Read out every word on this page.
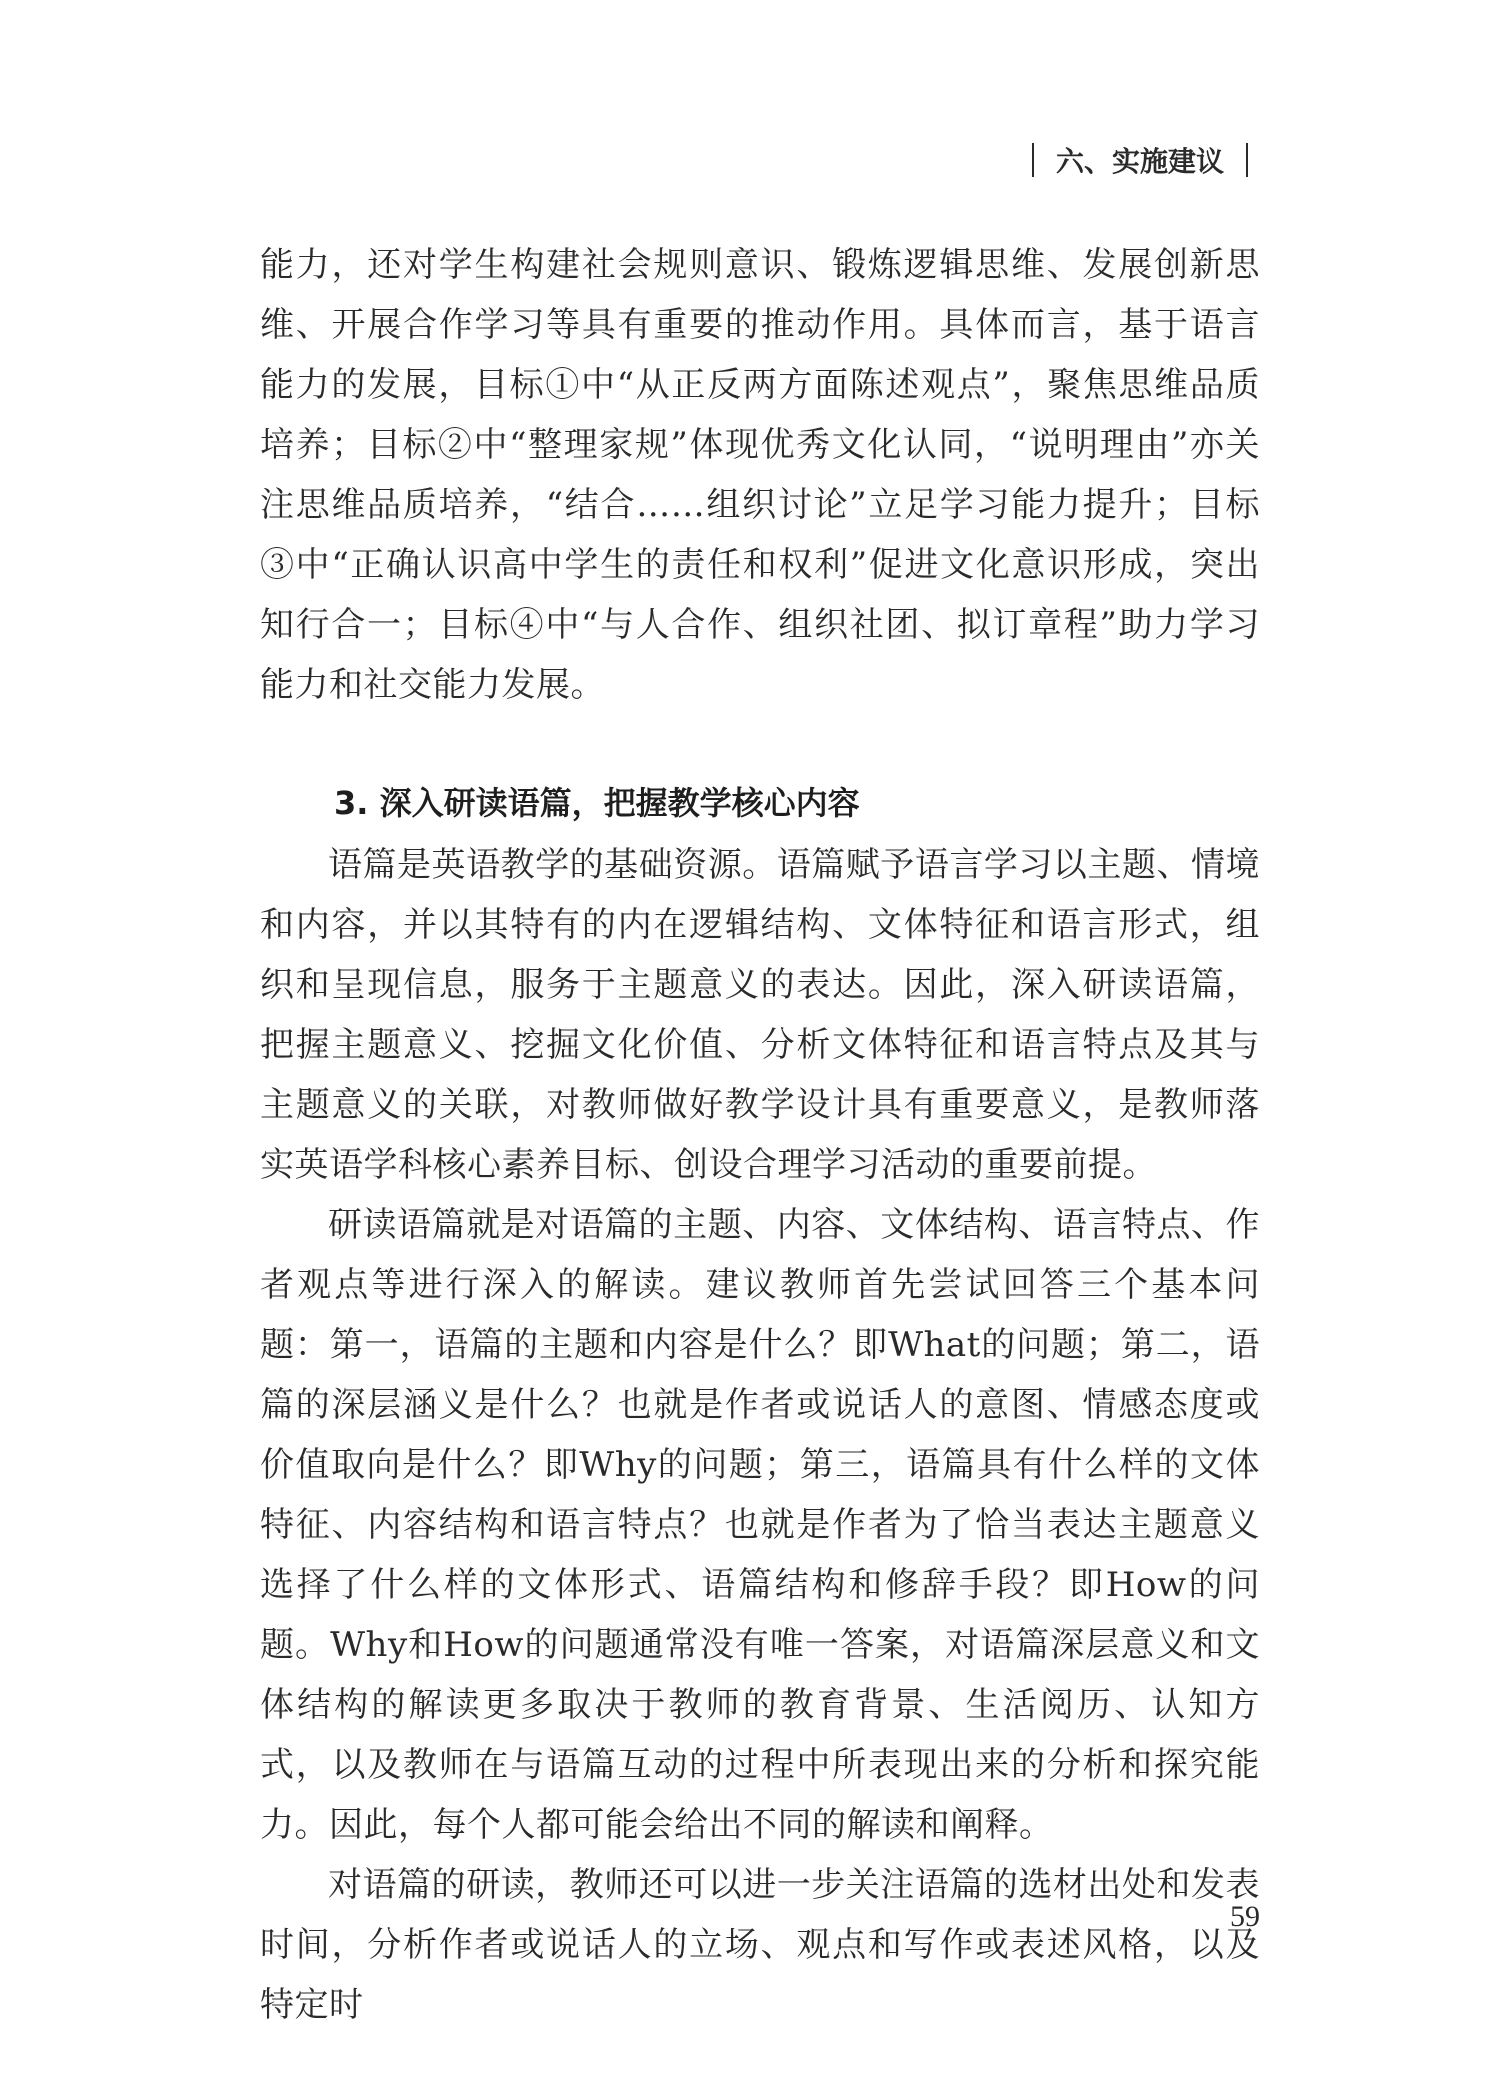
六、实施建议

能力，还对学生构建社会规则意识、锻炼逻辑思维、发展创新思维、开展合作学习等具有重要的推动作用。具体而言，基于语言能力的发展，目标①中“从正反两方面陈述观点”，聚焦思维品质培养；目标②中“整理家规”体现优秀文化认同，“说明理由”亦关注思维品质培养，“结合……组织讨论”立足学习能力提升；目标③中“正确认识高中学生的责任和权利”促进文化意识形成，突出知行合一；目标④中“与人合作、组织社团、拟订章程”助力学习能力和社交能力发展。

3. 深入研读语篇，把握教学核心内容

语篇是英语教学的基础资源。语篇赋予语言学习以主题、情境和内容，并以其特有的内在逻辑结构、文体特征和语言形式，组织和呈现信息，服务于主题意义的表达。因此，深入研读语篇，把握主题意义、挖掘文化价值、分析文体特征和语言特点及其与主题意义的关联，对教师做好教学设计具有重要意义，是教师落实英语学科核心素养目标、创设合理学习活动的重要前提。

研读语篇就是对语篇的主题、内容、文体结构、语言特点、作者观点等进行深入的解读。建议教师首先尝试回答三个基本问题：第一，语篇的主题和内容是什么？即What的问题；第二，语篇的深层涵义是什么？也就是作者或说话人的意图、情感态度或价值取向是什么？即Why的问题；第三，语篇具有什么样的文体特征、内容结构和语言特点？也就是作者为了恰当表达主题意义选择了什么样的文体形式、语篇结构和修辞手段？即How的问题。Why和How的问题通常没有唯一答案，对语篇深层意义和文体结构的解读更多取决于教师的教育背景、生活阅历、认知方式，以及教师在与语篇互动的过程中所表现出来的分析和探究能力。因此，每个人都可能会给出不同的解读和阐释。

对语篇的研读，教师还可以进一步关注语篇的选材出处和发表时间，分析作者或说话人的立场、观点和写作或表述风格，以及特定时

59
